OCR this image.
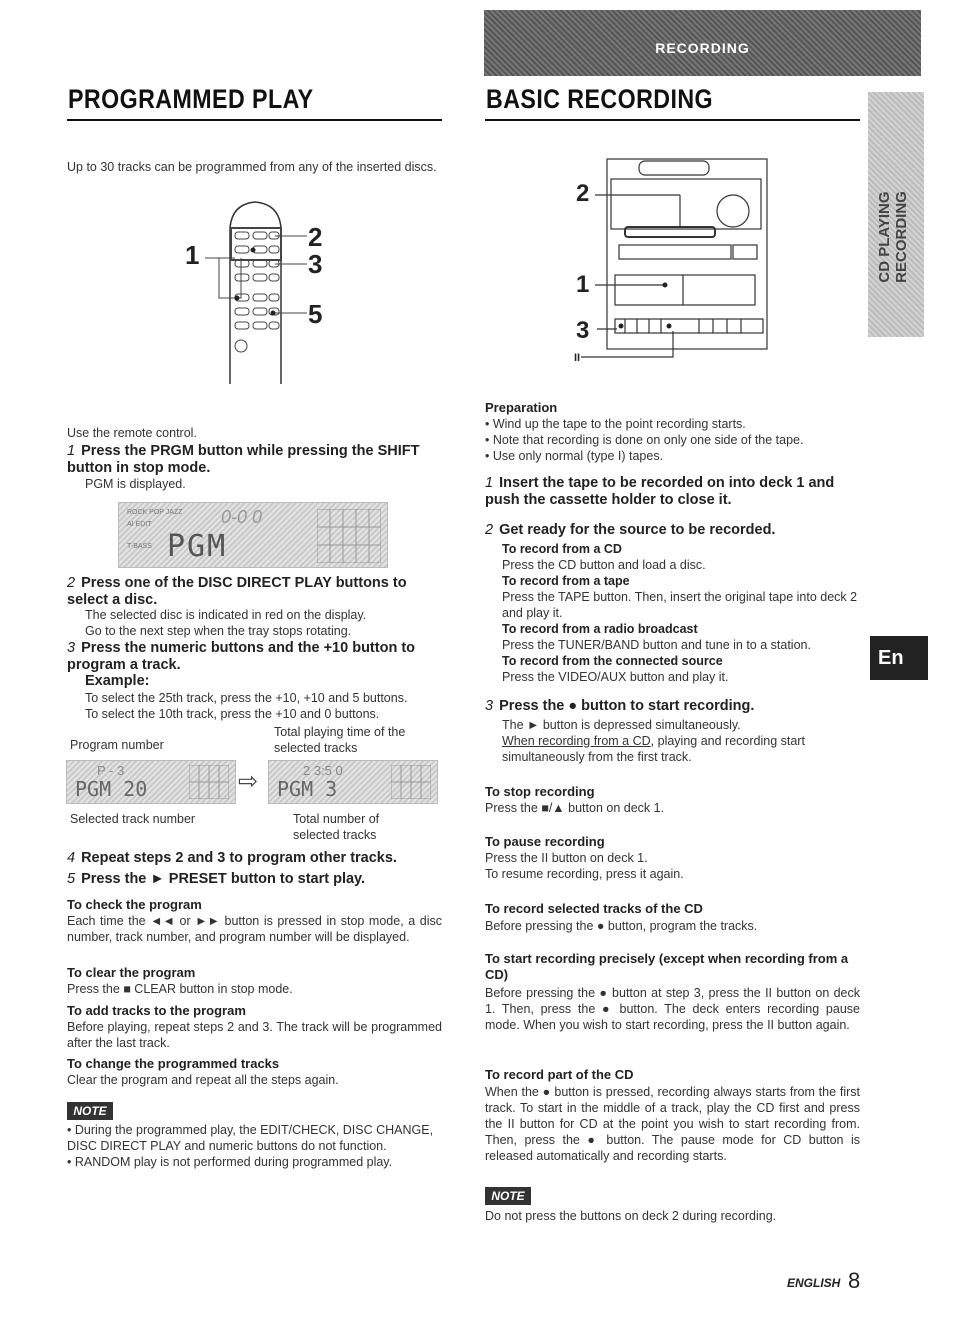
RECORDING
CD PLAYING RECORDING
En
PROGRAMMED PLAY
Up to 30 tracks can be programmed from any of the inserted discs.
1
2
3
5
Use the remote control.
1 Press the PRGM button while pressing the SHIFT button in stop mode.
PGM is displayed.
ROCK POP JAZZ
AI EDIT
T-BASS
0-0 0
PGM
2 Press one of the DISC DIRECT PLAY buttons to select a disc.
The selected disc is indicated in red on the display.
Go to the next step when the tray stops rotating.
3 Press the numeric buttons and the +10 button to program a track.
Example:
To select the 25th track, press the +10, +10 and 5 buttons.
To select the 10th track, press the +10 and 0 buttons.
Program number
Total playing time of the selected tracks
P - 3
PGM 20	⇨	2 3:5 0
PGM 3
Selected track number	Total number of selected tracks
4 Repeat steps 2 and 3 to program other tracks.
5 Press the ► PRESET button to start play.
To check the program
Each time the ◄◄ or ►► button is pressed in stop mode, a disc number, track number, and program number will be displayed.
To clear the program
Press the ■ CLEAR button in stop mode.
To add tracks to the program
Before playing, repeat steps 2 and 3. The track will be programmed after the last track.
To change the programmed tracks
Clear the program and repeat all the steps again.
NOTE
• During the programmed play, the EDIT/CHECK, DISC CHANGE, DISC DIRECT PLAY and numeric buttons do not function.
• RANDOM play is not performed during programmed play.
BASIC RECORDING
2
1
3
II
Preparation
• Wind up the tape to the point recording starts.
• Note that recording is done on only one side of the tape.
• Use only normal (type I) tapes.
1 Insert the tape to be recorded on into deck 1 and push the cassette holder to close it.
2 Get ready for the source to be recorded.
To record from a CD
Press the CD button and load a disc.
To record from a tape
Press the TAPE button. Then, insert the original tape into deck 2 and play it.
To record from a radio broadcast
Press the TUNER/BAND button and tune in to a station.
To record from the connected source
Press the VIDEO/AUX button and play it.
3 Press the ● button to start recording.
The ► button is depressed simultaneously.
When recording from a CD, playing and recording start simultaneously from the first track.
To stop recording
Press the ■/▲ button on deck 1.
To pause recording
Press the II button on deck 1.
To resume recording, press it again.
To record selected tracks of the CD
Before pressing the ● button, program the tracks.
To start recording precisely (except when recording from a CD)
Before pressing the ● button at step 3, press the II button on deck 1. Then, press the ● button. The deck enters recording pause mode. When you wish to start recording, press the II button again.
To record part of the CD
When the ● button is pressed, recording always starts from the first track. To start in the middle of a track, play the CD first and press the II button for CD at the point you wish to start recording from. Then, press the ● button. The pause mode for CD button is released automatically and recording starts.
NOTE
Do not press the buttons on deck 2 during recording.
ENGLISH 8
